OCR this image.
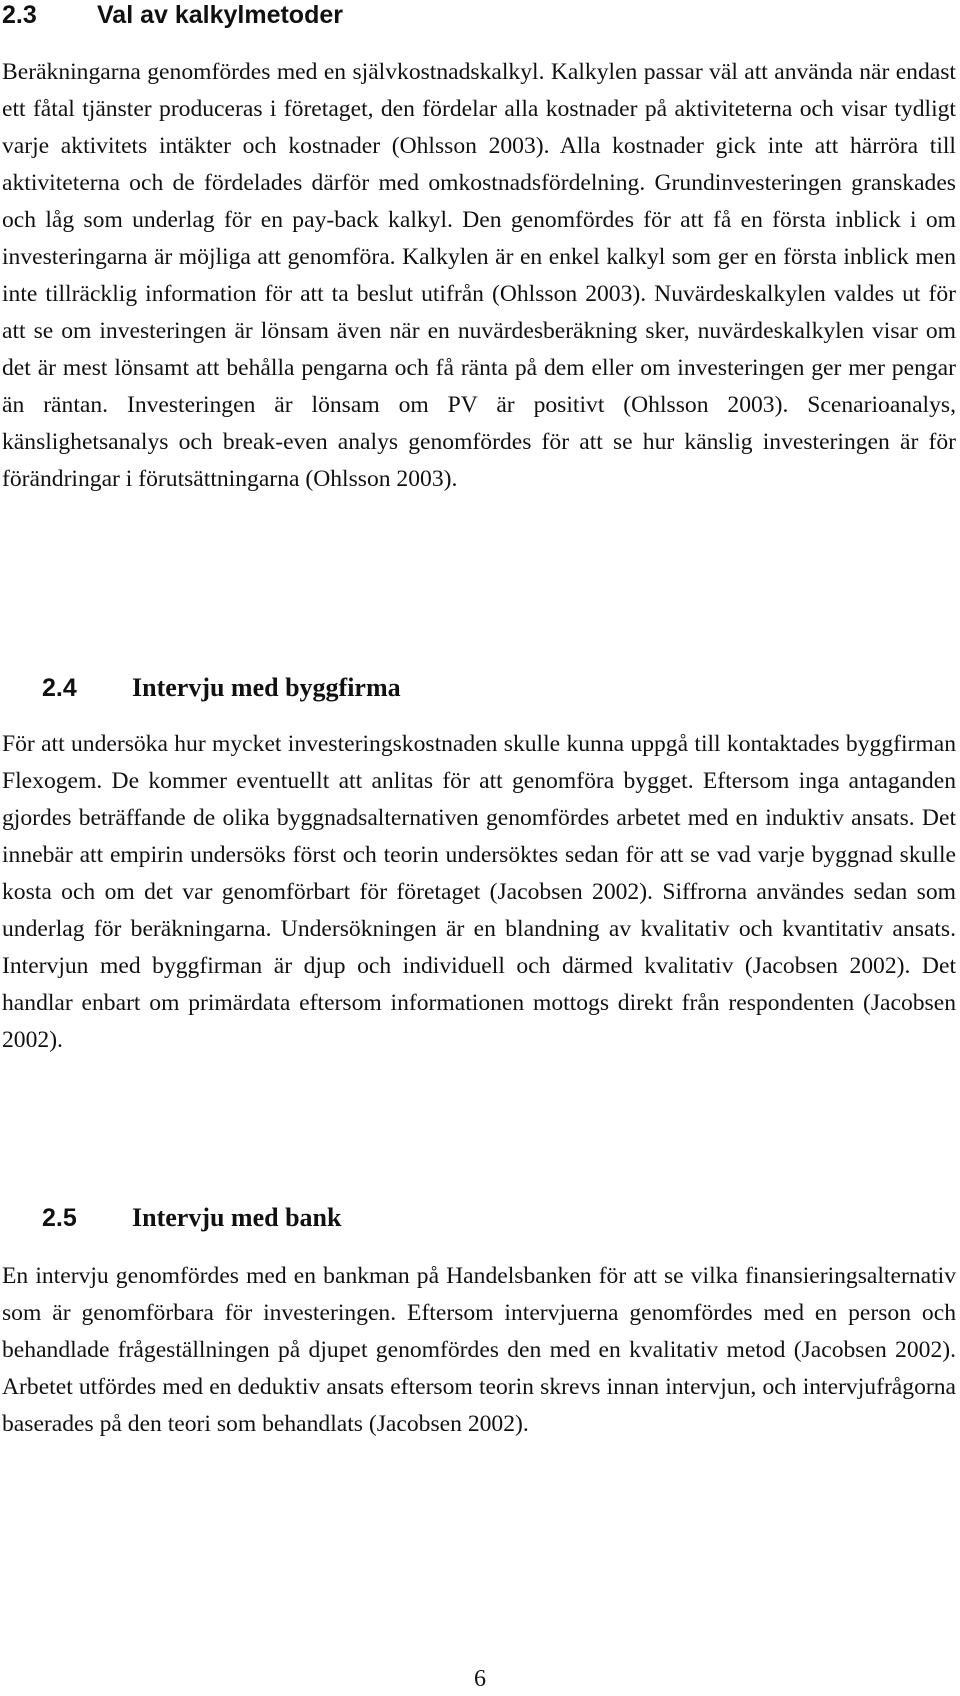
2.3 Val av kalkylmetoder

Beräkningarna genomfördes med en självkostnadskalkyl. Kalkylen passar väl att använda när endast ett fåtal tjänster produceras i företaget, den fördelar alla kostnader på aktiviteterna och visar tydligt varje aktivitets intäkter och kostnader (Ohlsson 2003). Alla kostnader gick inte att härröra till aktiviteterna och de fördelades därför med omkostnadsfördelning. Grundinvesteringen granskades och låg som underlag för en pay-back kalkyl. Den genomfördes för att få en första inblick i om investeringarna är möjliga att genomföra. Kalkylen är en enkel kalkyl som ger en första inblick men inte tillräcklig information för att ta beslut utifrån (Ohlsson 2003). Nuvärdeskalkylen valdes ut för att se om investeringen är lönsam även när en nuvärdesberäkning sker, nuvärdeskalkylen visar om det är mest lönsamt att behålla pengarna och få ränta på dem eller om investeringen ger mer pengar än räntan. Investeringen är lönsam om PV är positivt (Ohlsson 2003). Scenarioanalys, känslighetsanalys och break-even analys genomfördes för att se hur känslig investeringen är för förändringar i förutsättningarna (Ohlsson 2003).

2.4 Intervju med byggfirma

För att undersöka hur mycket investeringskostnaden skulle kunna uppgå till kontaktades byggfirman Flexogem. De kommer eventuellt att anlitas för att genomföra bygget. Eftersom inga antaganden gjordes beträffande de olika byggnadsalternativen genomfördes arbetet med en induktiv ansats. Det innebär att empirin undersöks först och teorin undersöktes sedan för att se vad varje byggnad skulle kosta och om det var genomförbart för företaget (Jacobsen 2002). Siffrorna användes sedan som underlag för beräkningarna. Undersökningen är en blandning av kvalitativ och kvantitativ ansats. Intervjun med byggfirman är djup och individuell och därmed kvalitativ (Jacobsen 2002). Det handlar enbart om primärdata eftersom informationen mottogs direkt från respondenten (Jacobsen 2002).

2.5 Intervju med bank

En intervju genomfördes med en bankman på Handelsbanken för att se vilka finansieringsalternativ som är genomförbara för investeringen. Eftersom intervjuerna genomfördes med en person och behandlade frågeställningen på djupet genomfördes den med en kvalitativ metod (Jacobsen 2002). Arbetet utfördes med en deduktiv ansats eftersom teorin skrevs innan intervjun, och intervjufrågorna baserades på den teori som behandlats (Jacobsen 2002).

6
